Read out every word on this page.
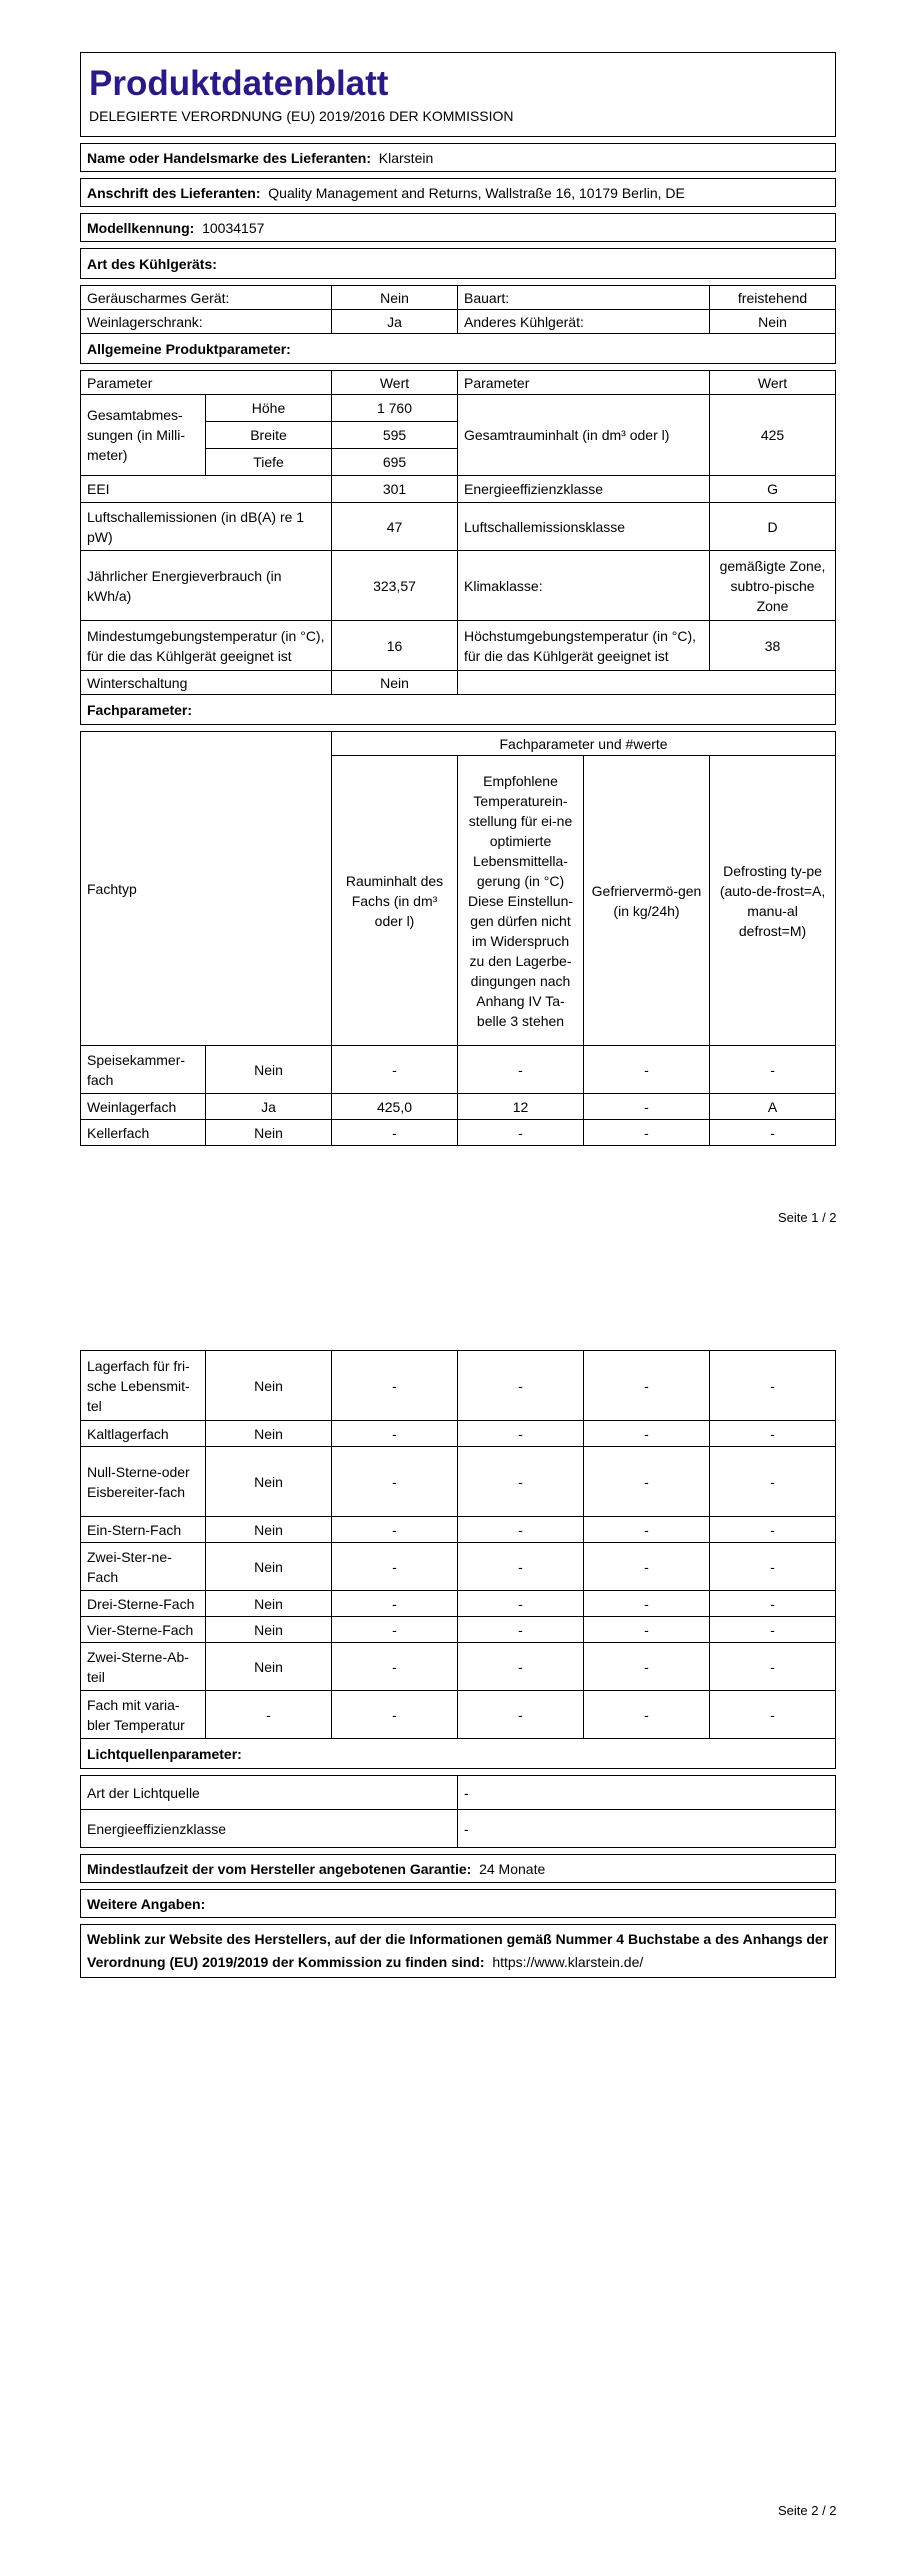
Produktdatenblatt
DELEGIERTE VERORDNUNG (EU) 2019/2016 DER KOMMISSION					

Name oder Handelsmarke des Lieferanten: Klarstein					

Anschrift des Lieferanten: Quality Management and Returns, Wallstraße 16, 10179 Berlin, DE					

Modellkennung: 10034157					

Art des Kühlgeräts:					

Geräuscharmes Gerät:		Nein	Bauart:		freistehend
Weinlagerschrank:		Ja	Anderes Kühlgerät:		Nein
Allgemeine Produktparameter:					

Parameter		Wert	Parameter		Wert
Gesamtabmes-sungen (in Milli-meter)	Höhe	1 760	Gesamtrauminhalt (in dm³ oder l)		425
	Breite	595			
	Tiefe	695			
EEI		301	Energieeffizienzklasse		G
Luftschallemissionen (in dB(A) re 1 pW)		47	Luftschallemissionsklasse		D
Jährlicher Energieverbrauch (in kWh/a)		323,57	Klimaklasse:		gemäßigte Zone, subtro-pische Zone
Mindestumgebungstemperatur (in °C), für die das Kühlgerät geeignet ist		16	Höchstumgebungstemperatur (in °C), für die das Kühlgerät geeignet ist		38
Winterschaltung		Nein			
Fachparameter:					

Fachtyp		Fachparameter und #werte			
		Rauminhalt des Fachs (in dm³ oder l)	Empfohlene Temperaturein-stellung für ei-ne optimierte Lebensmittella-gerung (in °C) Diese Einstellun-gen dürfen nicht im Widerspruch zu den Lagerbe-dingungen nach Anhang IV Ta-belle 3 stehen	Gefriervermö-gen (in kg/24h)	Defrosting ty-pe (auto-de-frost=A, manu-al defrost=M)
Speisekammer-fach	Nein	-	-	-	-
Weinlagerfach	Ja	425,0	12	-	A
Kellerfach	Nein	-	-	-	-
Seite 1 / 2
Lagerfach für fri-sche Lebensmit-tel	Nein	-	-	-	-
Kaltlagerfach	Nein	-	-	-	-
Null-Sterne-oder Eisbereiter-fach	Nein	-	-	-	-
Ein-Stern-Fach	Nein	-	-	-	-
Zwei-Ster-ne-Fach	Nein	-	-	-	-
Drei-Sterne-Fach	Nein	-	-	-	-
Vier-Sterne-Fach	Nein	-	-	-	-
Zwei-Sterne-Ab-teil	Nein	-	-	-	-
Fach mit varia-bler Temperatur	-	-	-	-	-
Lichtquellenparameter:					

Art der Lichtquelle			-		
Energieeffizienzklasse			-		

Mindestlaufzeit der vom Hersteller angebotenen Garantie: 24 Monate					

Weitere Angaben:					

Weblink zur Website des Herstellers, auf der die Informationen gemäß Nummer 4 Buchstabe a des Anhangs der Verordnung (EU) 2019/2019 der Kommission zu finden sind: https://www.klarstein.de/					
Seite 2 / 2
